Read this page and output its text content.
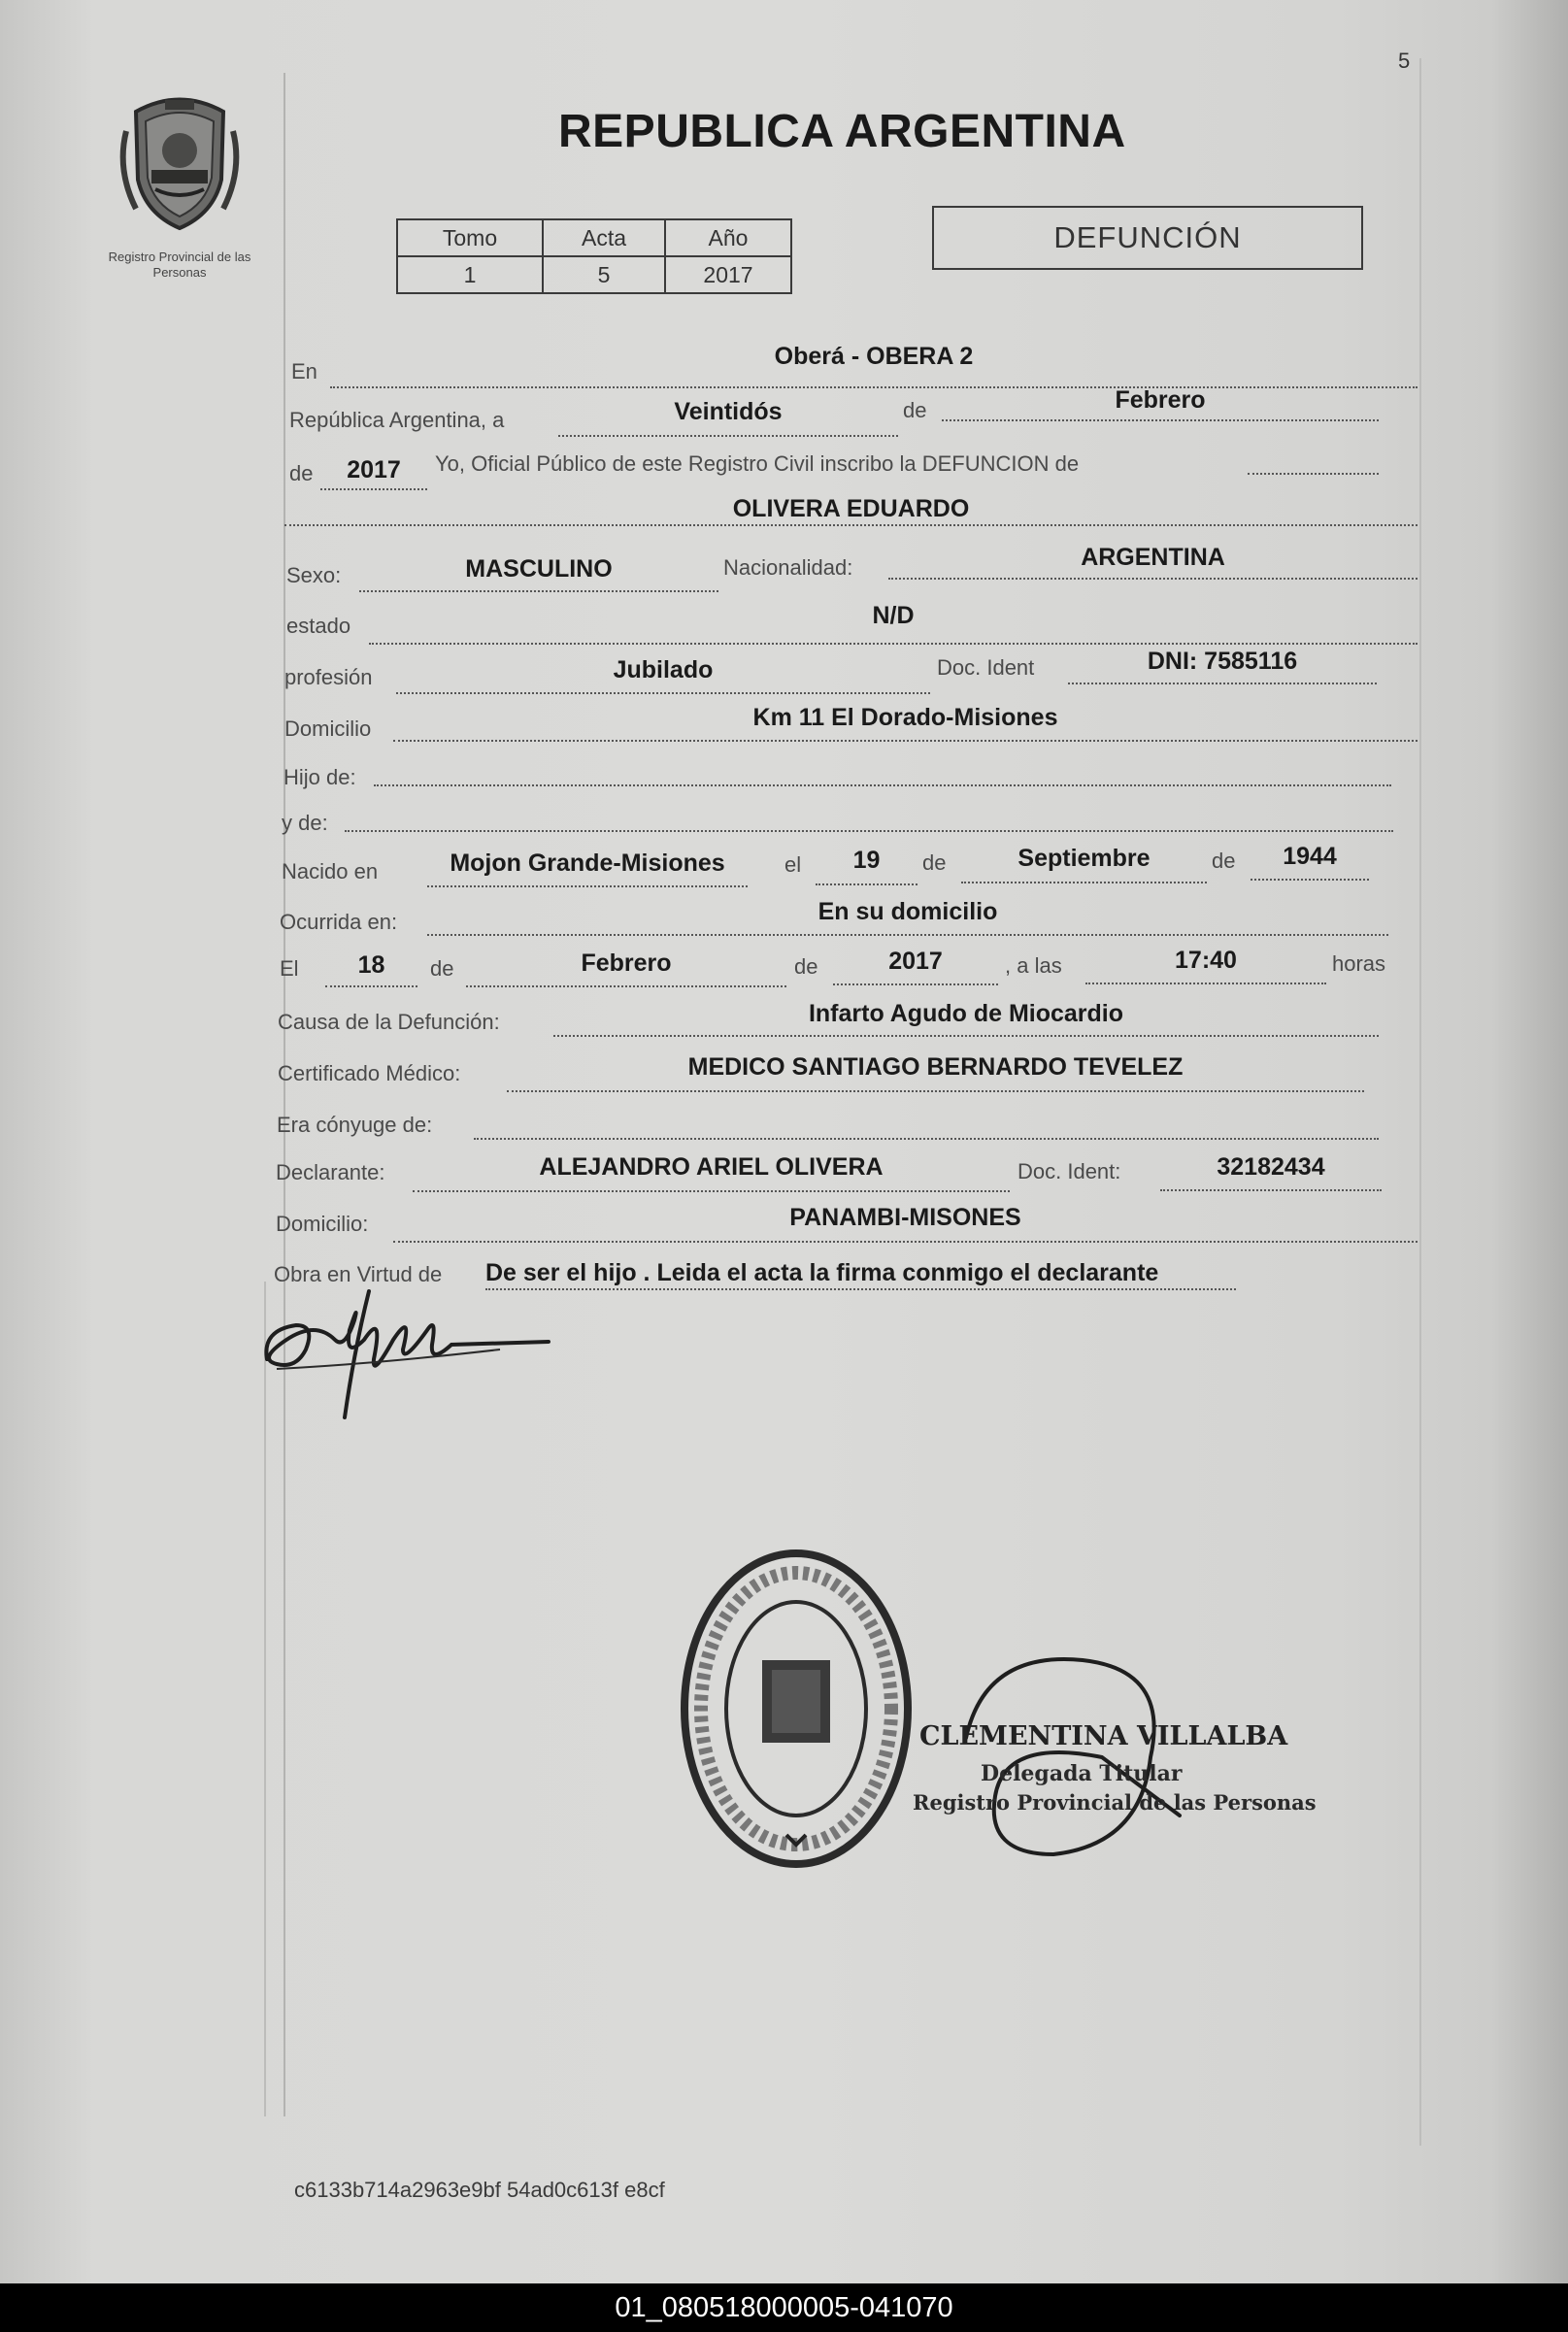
5
Registro Provincial de las Personas
REPUBLICA ARGENTINA
Tomo	Acta	Año
1	5	2017
DEFUNCIÓN
En
Oberá - OBERA 2
República Argentina, a	Veintidós	de	Febrero
de	2017	Yo, Oficial Público de este Registro Civil inscribo la DEFUNCION de
OLIVERA EDUARDO
Sexo:	MASCULINO	Nacionalidad:	ARGENTINA
estado	N/D
profesión	Jubilado	Doc. Ident	DNI: 7585116
Domicilio	Km 11 El Dorado-Misiones
Hijo de:
y de:
Nacido en	Mojon Grande-Misiones	el	19	de	Septiembre	de	1944
Ocurrida en:	En su domicilio
El	18	de	Febrero	de	2017	, a las	17:40	horas
Causa de la Defunción:	Infarto Agudo de Miocardio
Certificado Médico:	MEDICO SANTIAGO BERNARDO TEVELEZ
Era cónyuge de:
Declarante:	ALEJANDRO ARIEL OLIVERA	Doc. Ident:	32182434
Domicilio:	PANAMBI-MISONES
Obra en Virtud de De ser el hijo . Leida el acta la firma conmigo el declarante
CLEMENTINA VILLALBA
Delegada Titular
Registro Provincial de las Personas
c6133b714a2963e9bf 54ad0c613f e8cf
01_080518000005-041070
